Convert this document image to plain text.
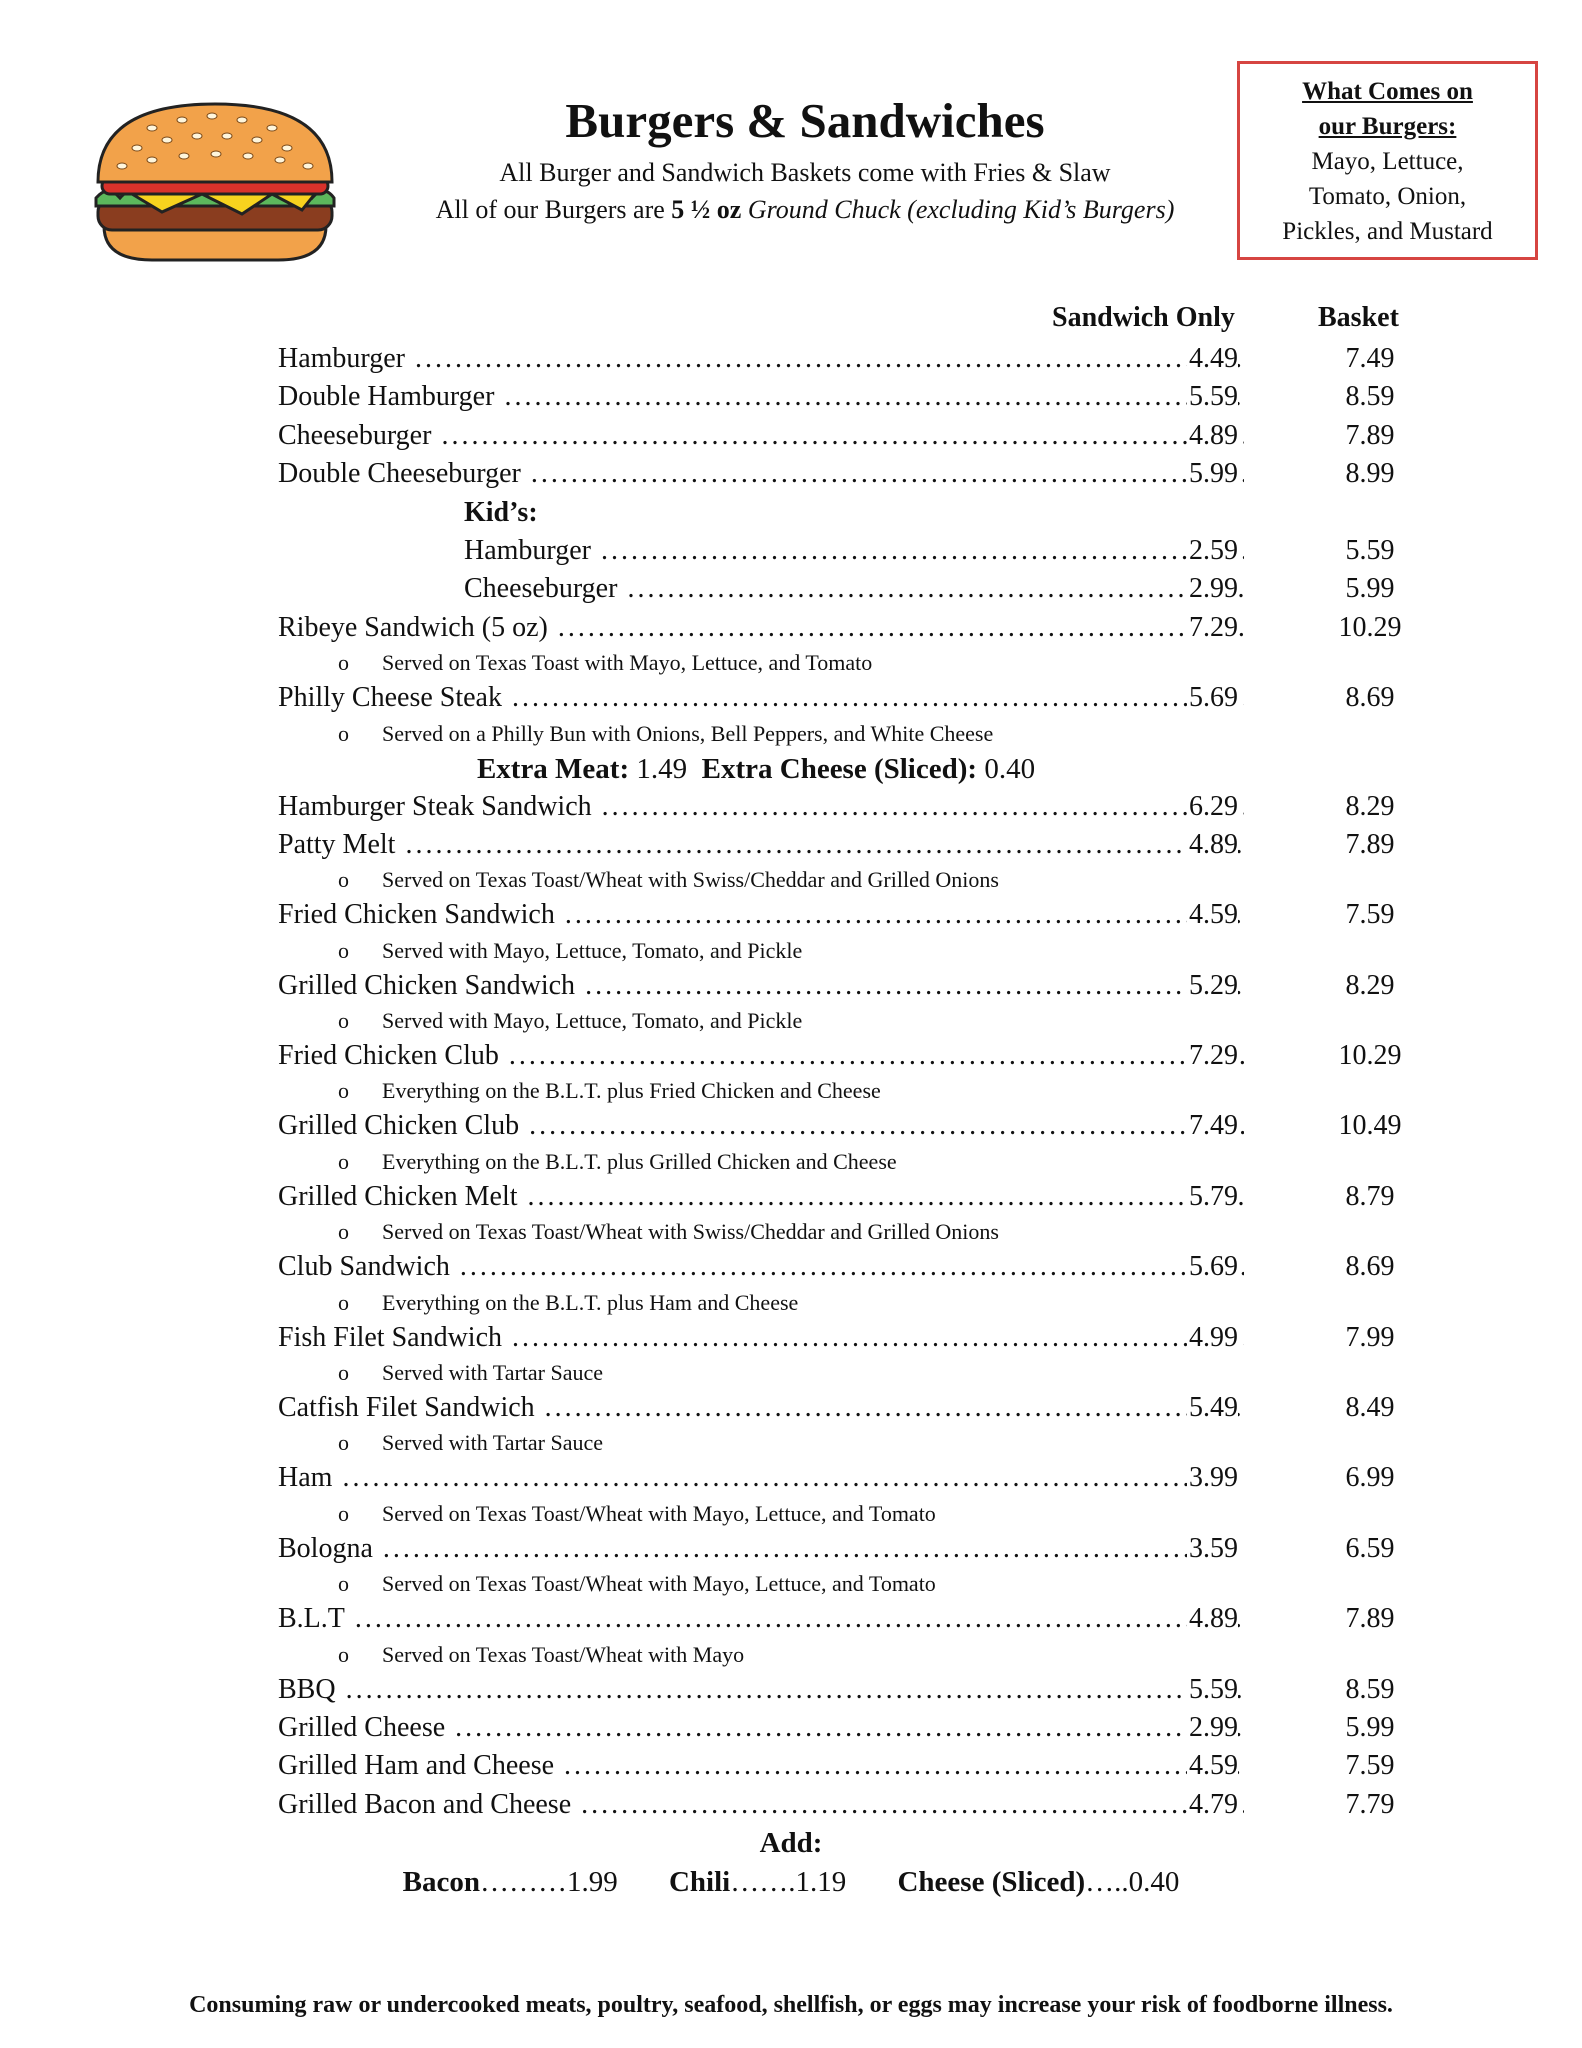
Burgers & Sandwiches
All Burger and Sandwich Baskets come with Fries & Slaw
All of our Burgers are 5 ½ oz Ground Chuck (excluding Kid’s Burgers)
What Comes on
our Burgers:
Mayo, Lettuce,
Tomato, Onion,
Pickles, and Mustard
Sandwich Only	Basket
Hamburger .....	4.49	7.49
Double Hamburger .....	5.59	8.59
Cheeseburger .....	4.89	7.89
Double Cheeseburger .....	5.99	8.99
Kid’s:
Hamburger .....	2.59	5.59
Cheeseburger .....	2.99	5.99
Ribeye Sandwich (5 oz) .....	7.29	10.29
o Served on Texas Toast with Mayo, Lettuce, and Tomato
Philly Cheese Steak .....	5.69	8.69
o Served on a Philly Bun with Onions, Bell Peppers, and White Cheese
Extra Meat: 1.49 Extra Cheese (Sliced): 0.40
Hamburger Steak Sandwich .....	6.29	8.29
Patty Melt .....	4.89	7.89
o Served on Texas Toast/Wheat with Swiss/Cheddar and Grilled Onions
Fried Chicken Sandwich .....	4.59	7.59
o Served with Mayo, Lettuce, Tomato, and Pickle
Grilled Chicken Sandwich .....	5.29	8.29
o Served with Mayo, Lettuce, Tomato, and Pickle
Fried Chicken Club .....	7.29	10.29
o Everything on the B.L.T. plus Fried Chicken and Cheese
Grilled Chicken Club .....	7.49	10.49
o Everything on the B.L.T. plus Grilled Chicken and Cheese
Grilled Chicken Melt .....	5.79	8.79
o Served on Texas Toast/Wheat with Swiss/Cheddar and Grilled Onions
Club Sandwich .....	5.69	8.69
o Everything on the B.L.T. plus Ham and Cheese
Fish Filet Sandwich .....	4.99	7.99
o Served with Tartar Sauce
Catfish Filet Sandwich .....	5.49	8.49
o Served with Tartar Sauce
Ham .....	3.99	6.99
o Served on Texas Toast/Wheat with Mayo, Lettuce, and Tomato
Bologna .....	3.59	6.59
o Served on Texas Toast/Wheat with Mayo, Lettuce, and Tomato
B.L.T .....	4.89	7.89
o Served on Texas Toast/Wheat with Mayo
BBQ .....	5.59	8.59
Grilled Cheese .....	2.99	5.99
Grilled Ham and Cheese .....	4.59	7.59
Grilled Bacon and Cheese .....	4.79	7.79
Add:
Bacon………1.99 Chili…….1.19 Cheese (Sliced)…..0.40
Consuming raw or undercooked meats, poultry, seafood, shellfish, or eggs may increase your risk of foodborne illness.
